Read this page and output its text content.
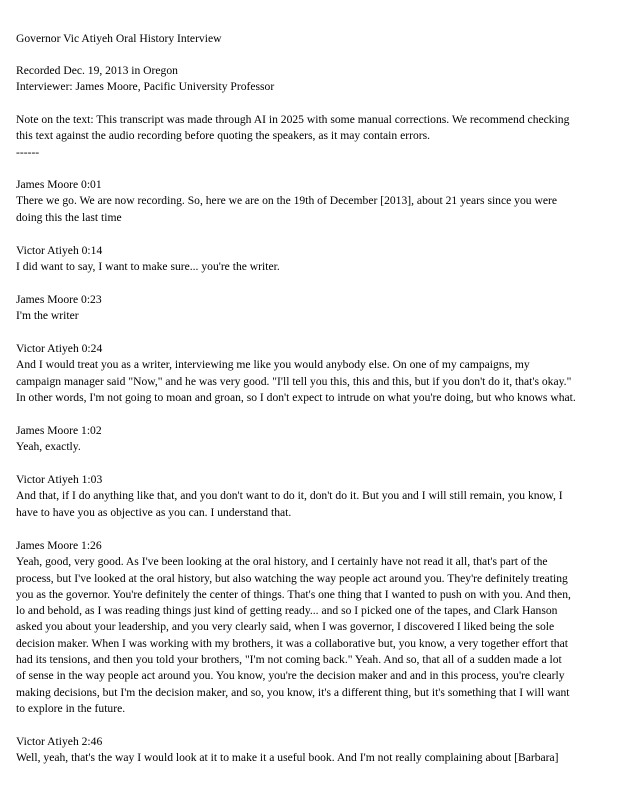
Governor Vic Atiyeh Oral History Interview
Recorded Dec. 19, 2013 in Oregon
Interviewer: James Moore, Pacific University Professor
Note on the text: This transcript was made through AI in 2025 with some manual corrections. We recommend checking
this text against the audio recording before quoting the speakers, as it may contain errors.
------
James Moore 0:01
There we go. We are now recording. So, here we are on the 19th of December [2013], about 21 years since you were
doing this the last time
Victor Atiyeh 0:14
I did want to say, I want to make sure... you're the writer.
James Moore 0:23
I'm the writer
Victor Atiyeh 0:24
And I would treat you as a writer, interviewing me like you would anybody else. On one of my campaigns, my
campaign manager said "Now," and he was very good. "I'll tell you this, this and this, but if you don't do it, that's okay."
In other words, I'm not going to moan and groan, so I don't expect to intrude on what you're doing, but who knows what.
James Moore 1:02
Yeah, exactly.
Victor Atiyeh 1:03
And that, if I do anything like that, and you don't want to do it, don't do it. But you and I will still remain, you know, I
have to have you as objective as you can. I understand that.
James Moore 1:26
Yeah, good, very good. As I've been looking at the oral history, and I certainly have not read it all, that's part of the
process, but I've looked at the oral history, but also watching the way people act around you. They're definitely treating
you as the governor. You're definitely the center of things. That's one thing that I wanted to push on with you. And then,
lo and behold, as I was reading things just kind of getting ready... and so I picked one of the tapes, and Clark Hanson
asked you about your leadership, and you very clearly said, when I was governor, I discovered I liked being the sole
decision maker. When I was working with my brothers, it was a collaborative but, you know, a very together effort that
had its tensions, and then you told your brothers, "I'm not coming back." Yeah. And so, that all of a sudden made a lot
of sense in the way people act around you. You know, you're the decision maker and and in this process, you're clearly
making decisions, but I'm the decision maker, and so, you know, it's a different thing, but it's something that I will want
to explore in the future.
Victor Atiyeh 2:46
Well, yeah, that's the way I would look at it to make it a useful book. And I'm not really complaining about [Barbara]
